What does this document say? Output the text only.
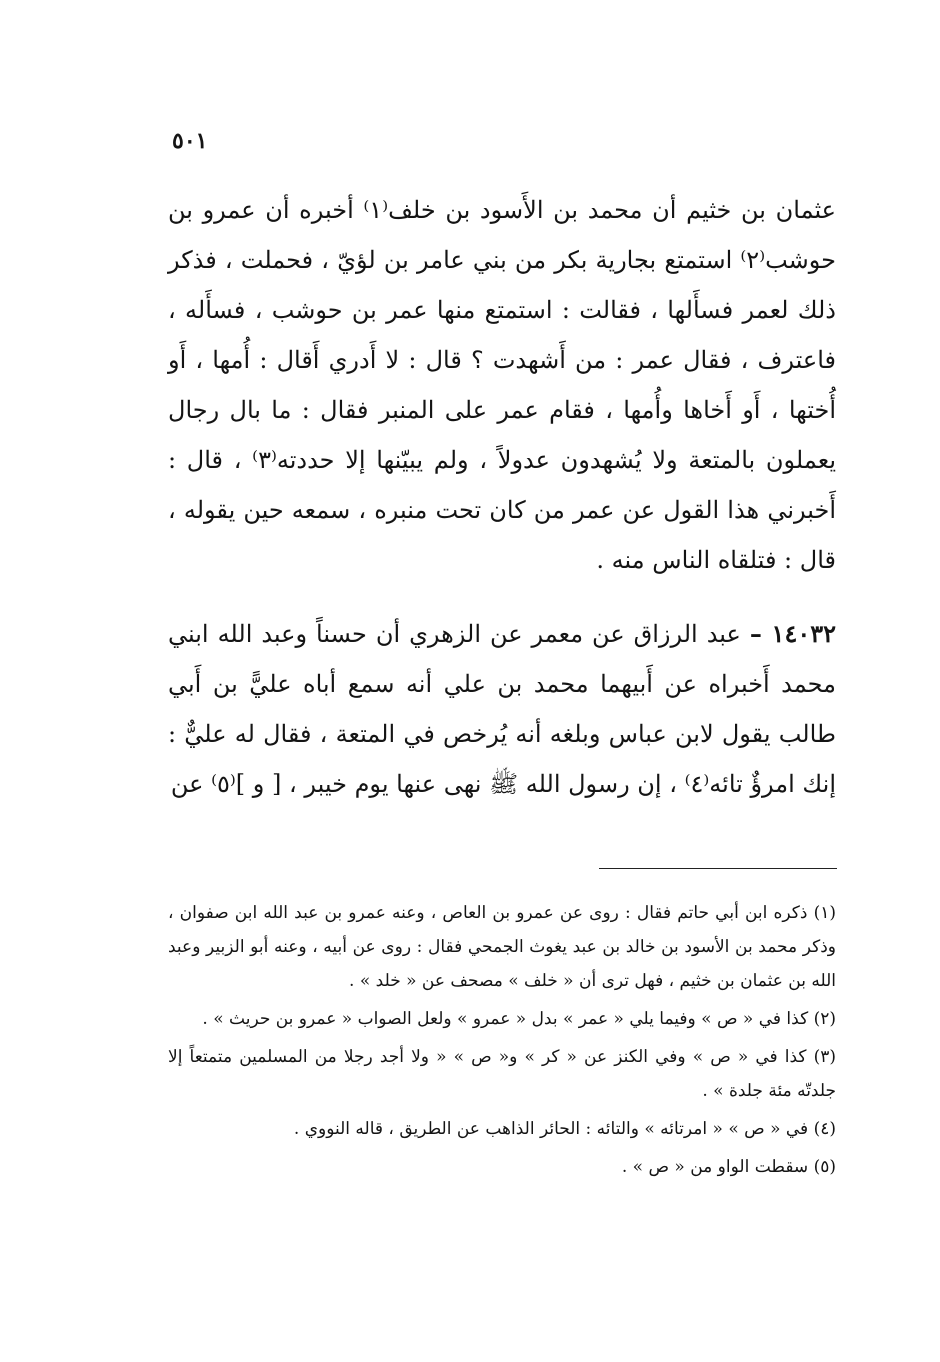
٥٠١

عثمان بن خثيم أن محمد بن الأَسود بن خلف⁽١⁾ أخبره أن عمرو بن حوشب⁽٢⁾ استمتع بجارية بكر من بني عامر بن لؤيّ ، فحملت ، فذكر ذلك لعمر فسأَلها ، فقالت : استمتع منها عمر بن حوشب ، فسأَله ، فاعترف ، فقال عمر : من أَشهدت ؟ قال : لا أَدري أَقال : أُمها ، أَو أُختها ، أَو أَخاها وأُمها ، فقام عمر على المنبر فقال : ما بال رجال يعملون بالمتعة ولا يُشهدون عدولاً ، ولم يبيّنها إلا حددته⁽٣⁾ ، قال : أَخبرني هذا القول عن عمر من كان تحت منبره ، سمعه حين يقوله ، قال : فتلقاه الناس منه .

١٤٠٣٢ – عبد الرزاق عن معمر عن الزهري أن حسناً وعبد الله ابني محمد أَخبراه عن أَبيهما محمد بن علي أنه سمع أباه عليًّ بن أَبي طالب يقول لابن عباس وبلغه أنه يُرخص في المتعة ، فقال له عليٌّ : إنك امرؤٌ تائه⁽٤⁾ ، إن رسول الله ﷺ نهى عنها يوم خيبر ، [ و ]⁽٥⁾ عن

(١) ذكره ابن أبي حاتم فقال : روى عن عمرو بن العاص ، وعنه عمرو بن عبد الله ابن صفوان ، وذكر محمد بن الأسود بن خالد بن عبد يغوث الجمحي فقال : روى عن أبيه ، وعنه أبو الزبير وعبد الله بن عثمان بن خثيم ، فهل ترى أن « خلف » مصحف عن « خلد » .

(٢) كذا في « ص » وفيما يلي « عمر » بدل « عمرو » ولعل الصواب « عمرو بن حريث » .

(٣) كذا في « ص » وفي الكنز عن « كر » و« ص » « ولا أجد رجلا من المسلمين متمتعاً إلا جلدتّه مئة جلدة » .

(٤) في « ص » « امرتائه » والتائه : الحائر الذاهب عن الطريق ، قاله النووي .

(٥) سقطت الواو من « ص » .
